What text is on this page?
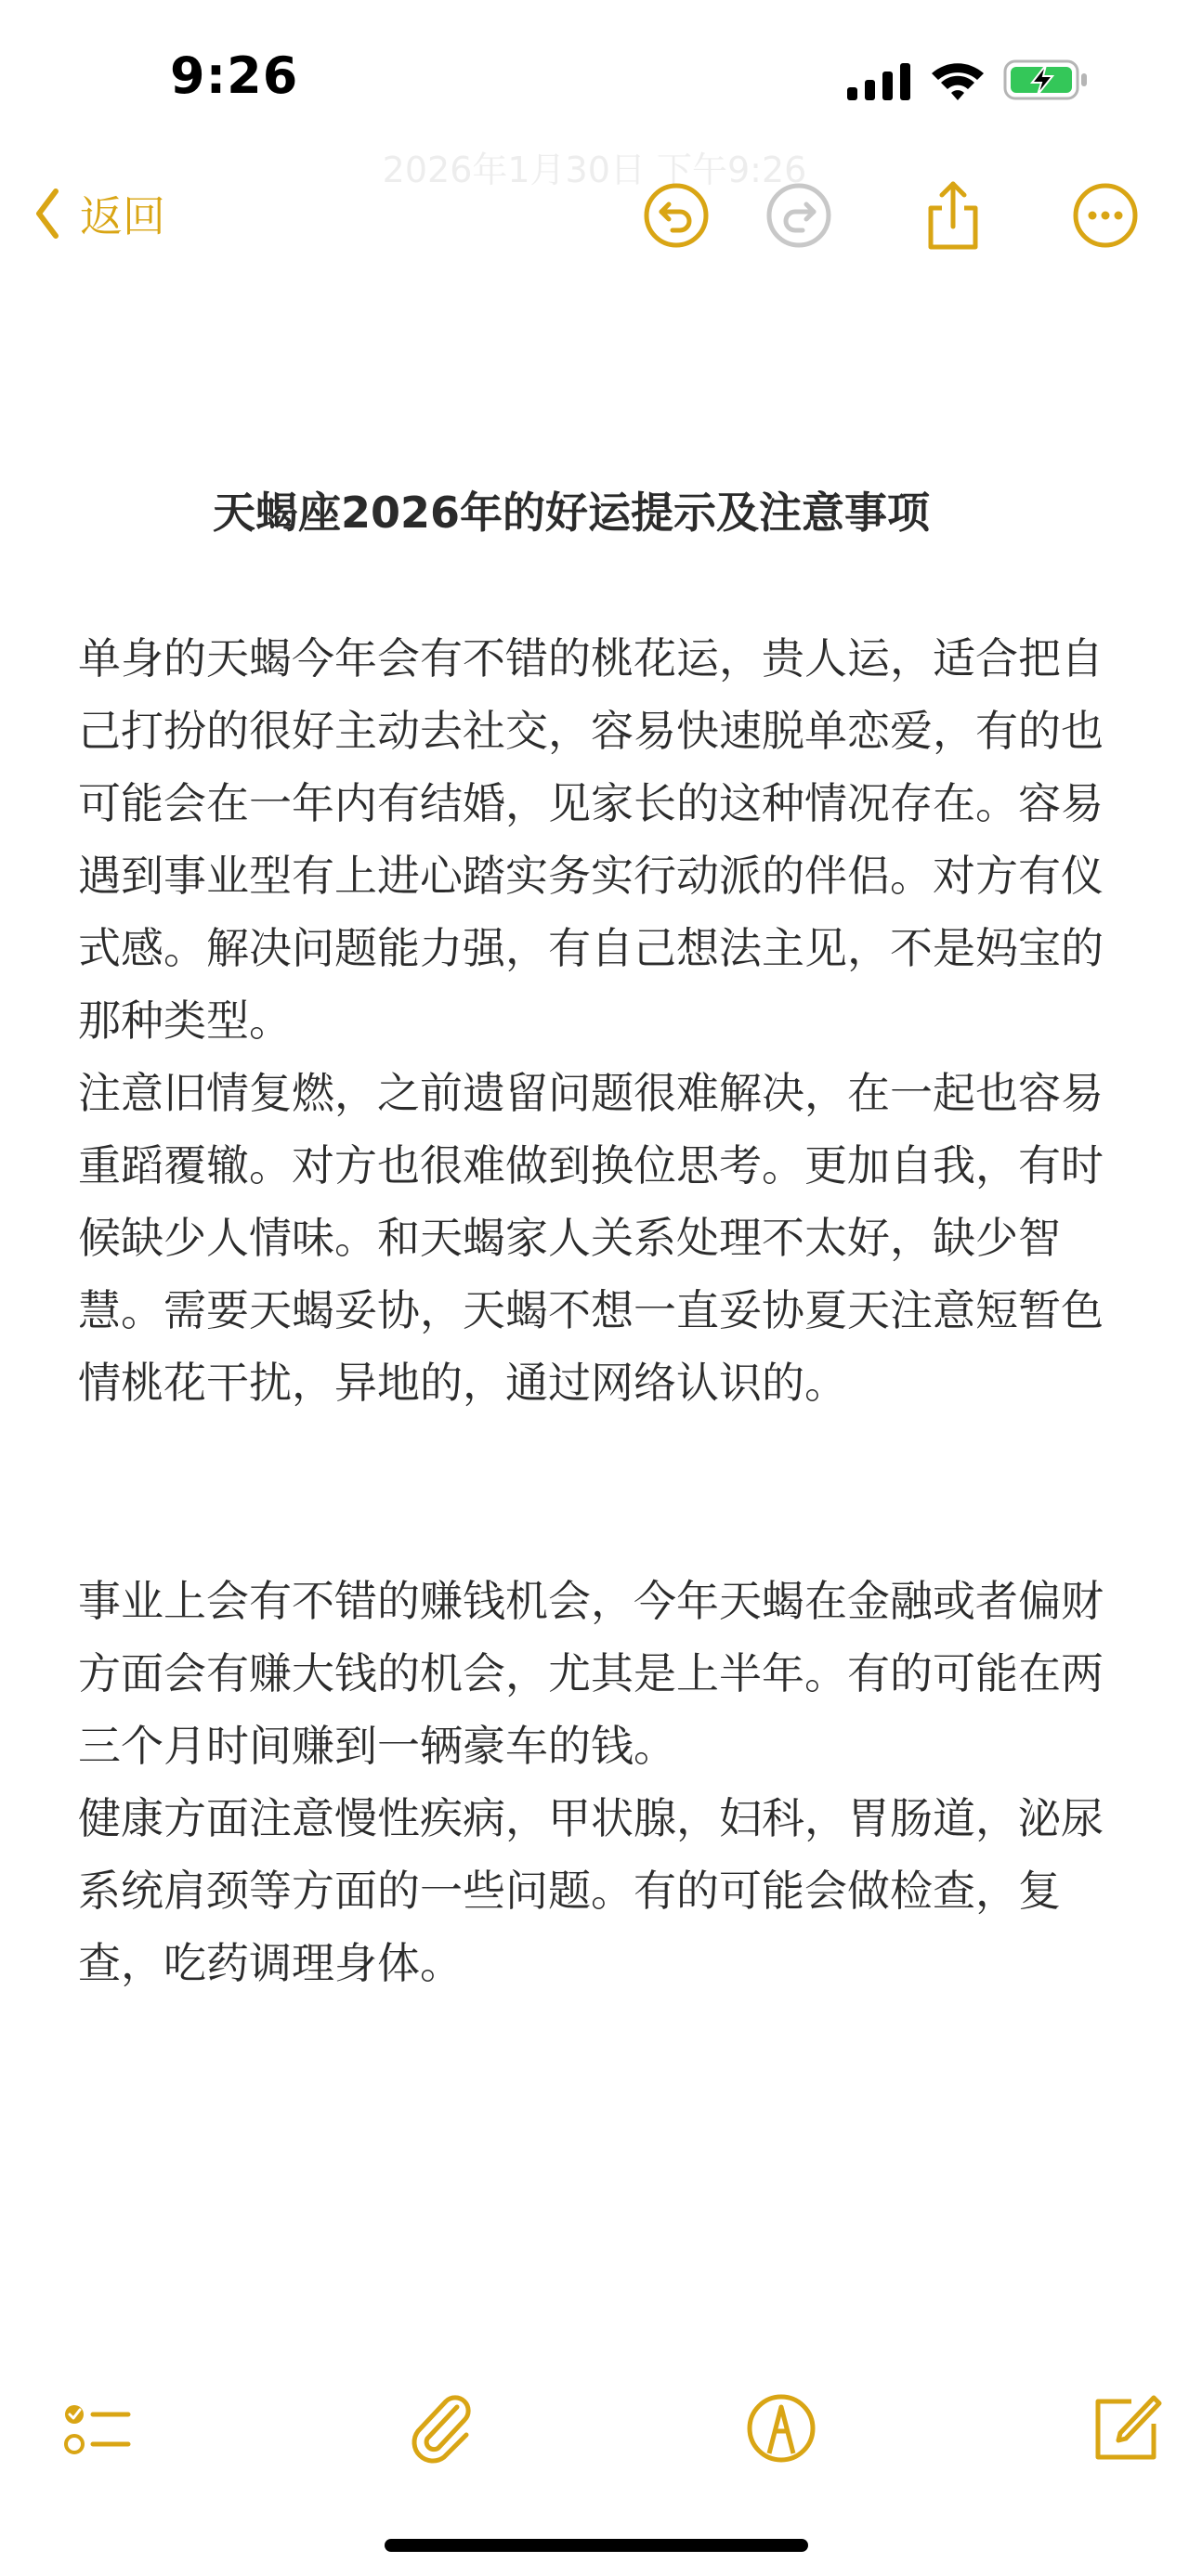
9:26
2026年1月30日 下午9:26
返回
天蝎座2026年的好运提示及注意事项
单身的天蝎今年会有不错的桃花运，贵人运，适合把自己打扮的很好主动去社交，容易快速脱单恋爱，有的也可能会在一年内有结婚，见家长的这种情况存在。容易遇到事业型有上进心踏实务实行动派的伴侣。对方有仪式感。解决问题能力强，有自己想法主见，不是妈宝的那种类型。
注意旧情复燃，之前遗留问题很难解决，在一起也容易重蹈覆辙。对方也很难做到换位思考。更加自我，有时候缺少人情味。和天蝎家人关系处理不太好，缺少智慧。需要天蝎妥协，天蝎不想一直妥协夏天注意短暂色情桃花干扰，异地的，通过网络认识的。
事业上会有不错的赚钱机会，今年天蝎在金融或者偏财方面会有赚大钱的机会，尤其是上半年。有的可能在两三个月时间赚到一辆豪车的钱。
健康方面注意慢性疾病，甲状腺，妇科，胃肠道，泌尿系统肩颈等方面的一些问题。有的可能会做检查，复查，吃药调理身体。
